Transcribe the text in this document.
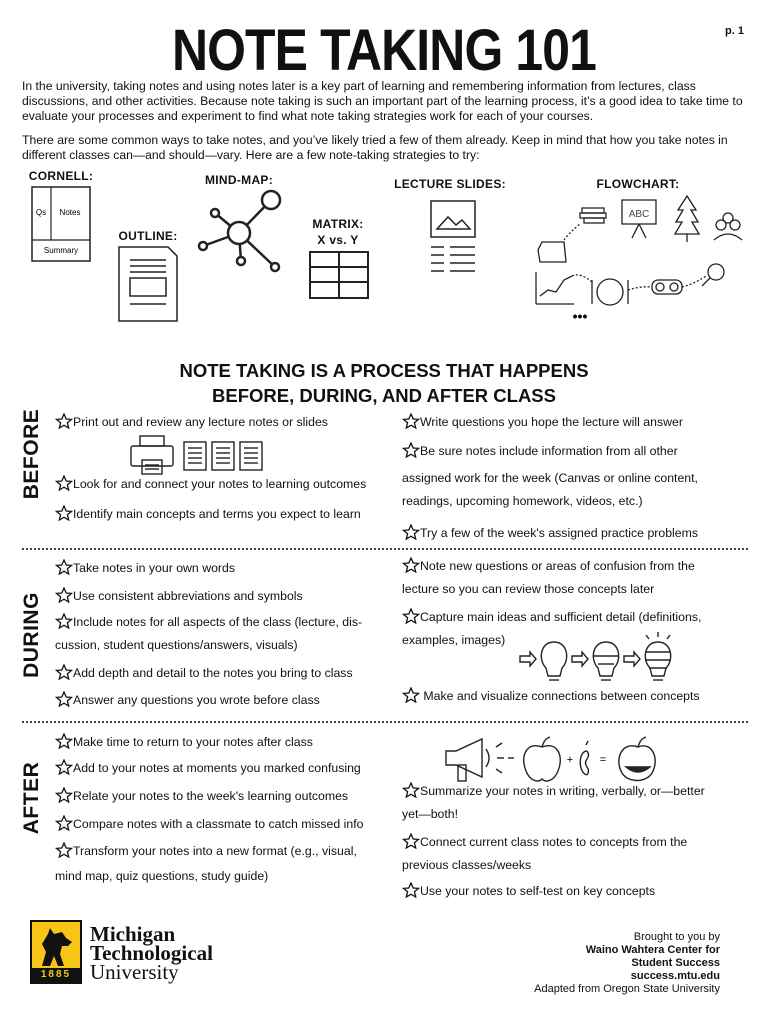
NOTE TAKING 101	p. 1
In the university, taking notes and using notes later is a key part of learning and remembering information from lectures, class discussions, and other activities. Because note taking is such an important part of the learning process, it’s a good idea to take time to evaluate your processes and experiment to find what note taking strategies work for each of your courses.
There are some common ways to take notes, and you’ve likely tried a few of them already. Keep in mind that how you take notes in different classes can—and should—vary. Here are a few note-taking strategies to try:
CORNELL:
Qs Notes
Summary
OUTLINE:
MIND-MAP:
MATRIX:
X vs. Y
LECTURE SLIDES:	FLOWCHART:
ABC
•••
NOTE TAKING IS A PROCESS THAT HAPPENS
BEFORE, DURING, AND AFTER CLASS
BEFORE	Print out and review any lecture notes or slides
Look for and connect your notes to learning outcomes
Identify main concepts and terms you expect to learn
Write questions you hope the lecture will answer
Be sure notes include information from all other
assigned work for the week (Canvas or online content,
readings, upcoming homework, videos, etc.)
Try a few of the week's assigned practice problems
DURING
Take notes in your own words
Use consistent abbreviations and symbols
Include notes for all aspects of the class (lecture, dis-
cussion, student questions/answers, visuals)
Add depth and detail to the notes you bring to class
Answer any questions you wrote before class
Note new questions or areas of confusion from the
lecture so you can review those concepts later
Capture main ideas and sufficient detail (definitions,
examples, images)
Make and visualize connections between concepts
AFTER
Make time to return to your notes after class
Add to your notes at moments you marked confusing
Relate your notes to the week's learning outcomes
Compare notes with a classmate to catch missed info
Transform your notes into a new format (e.g., visual,
mind map, quiz questions, study guide)
+ =
Summarize your notes in writing, verbally, or—better
yet—both!
Connect current class notes to concepts from the
previous classes/weeks
Use your notes to self-test on key concepts
1885
Michigan
Technological
University
Brought to you by
Waino Wahtera Center for
Student Success
success.mtu.edu
Adapted from Oregon State University
